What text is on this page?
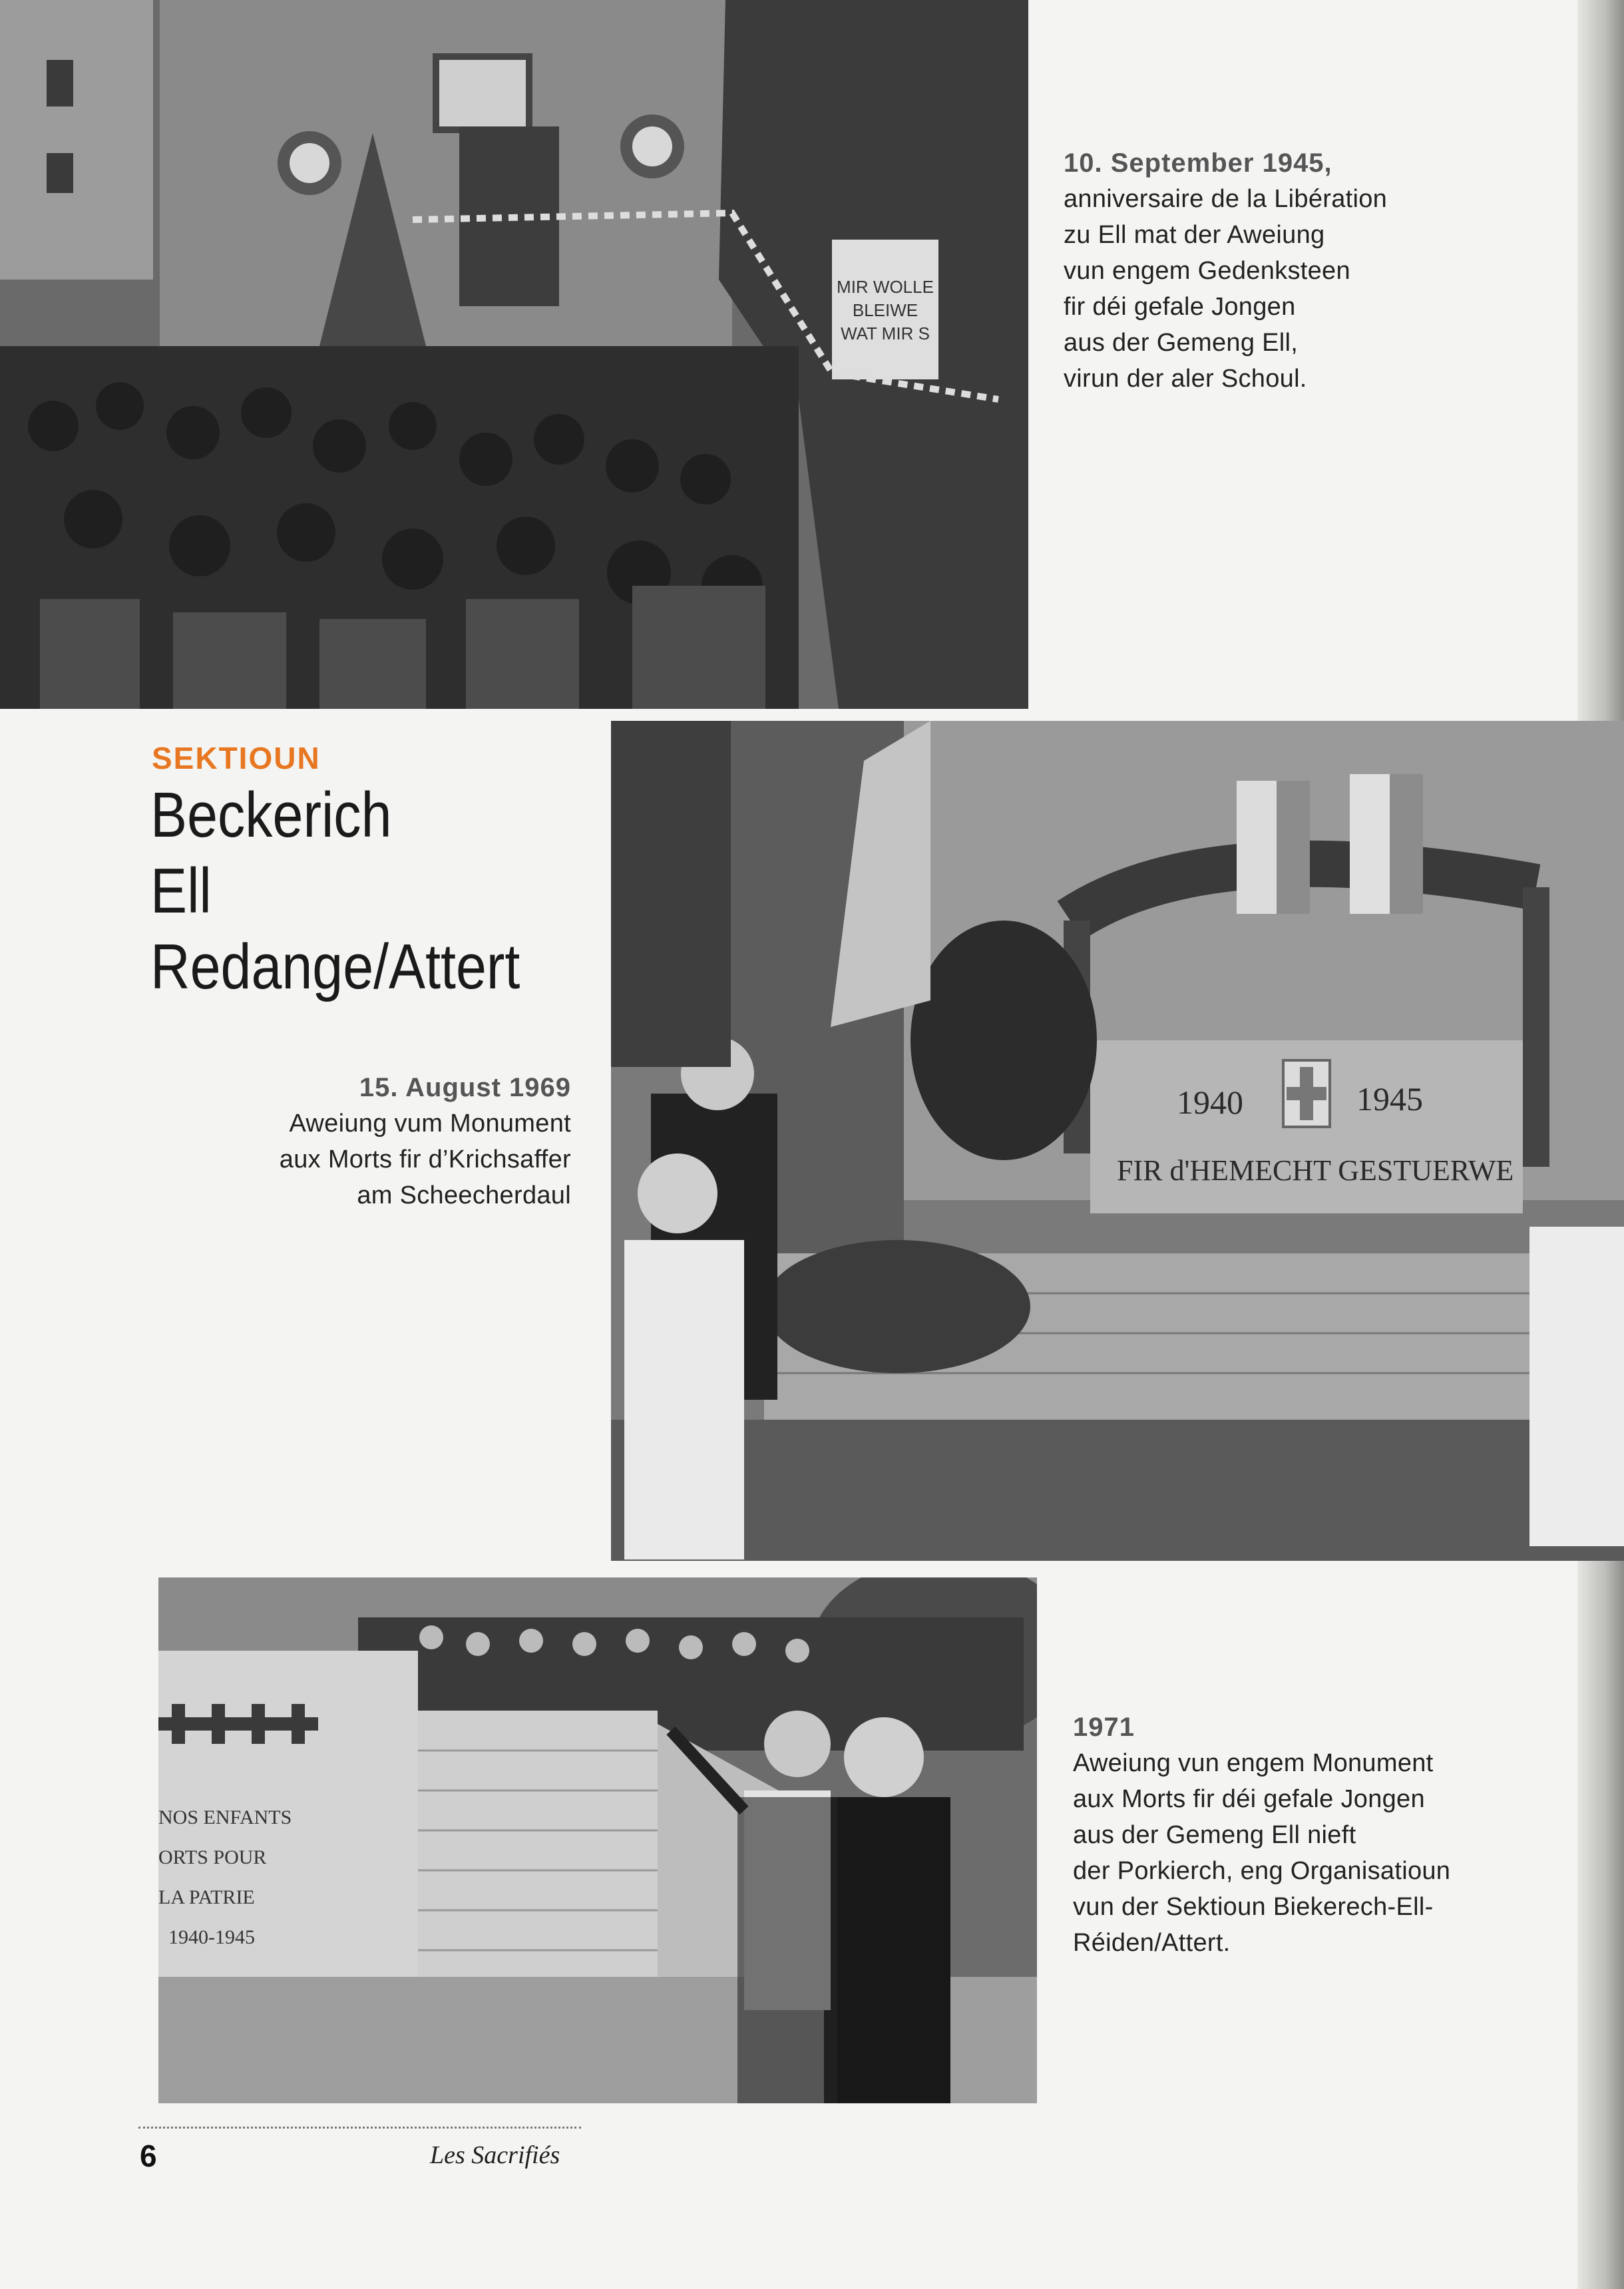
MIR WOLLE
BLEIWE
WAT MIR S
1940	1945
FIR d'HEMECHT GESTUERWE
NOS ENFANTS
ORTS POUR
LA PATRIE
1940-1945
10. September 1945,
anniversaire de la Libération
zu Ell mat der Aweiung
vun engem Gedenksteen
fir déi gefale Jongen
aus der Gemeng Ell,
virun der aler Schoul.
SEKTIOUN
Beckerich
Ell
Redange/Attert
15. August 1969
Aweiung vum Monument
aux Morts fir d’Krichsaffer
am Scheecherdaul
1971
Aweiung vun engem Monument
aux Morts fir déi gefale Jongen
aus der Gemeng Ell nieft
der Porkierch, eng Organisatioun
vun der Sektioun Biekerech-Ell-
Réiden/Attert.
6	Les Sacrifiés
